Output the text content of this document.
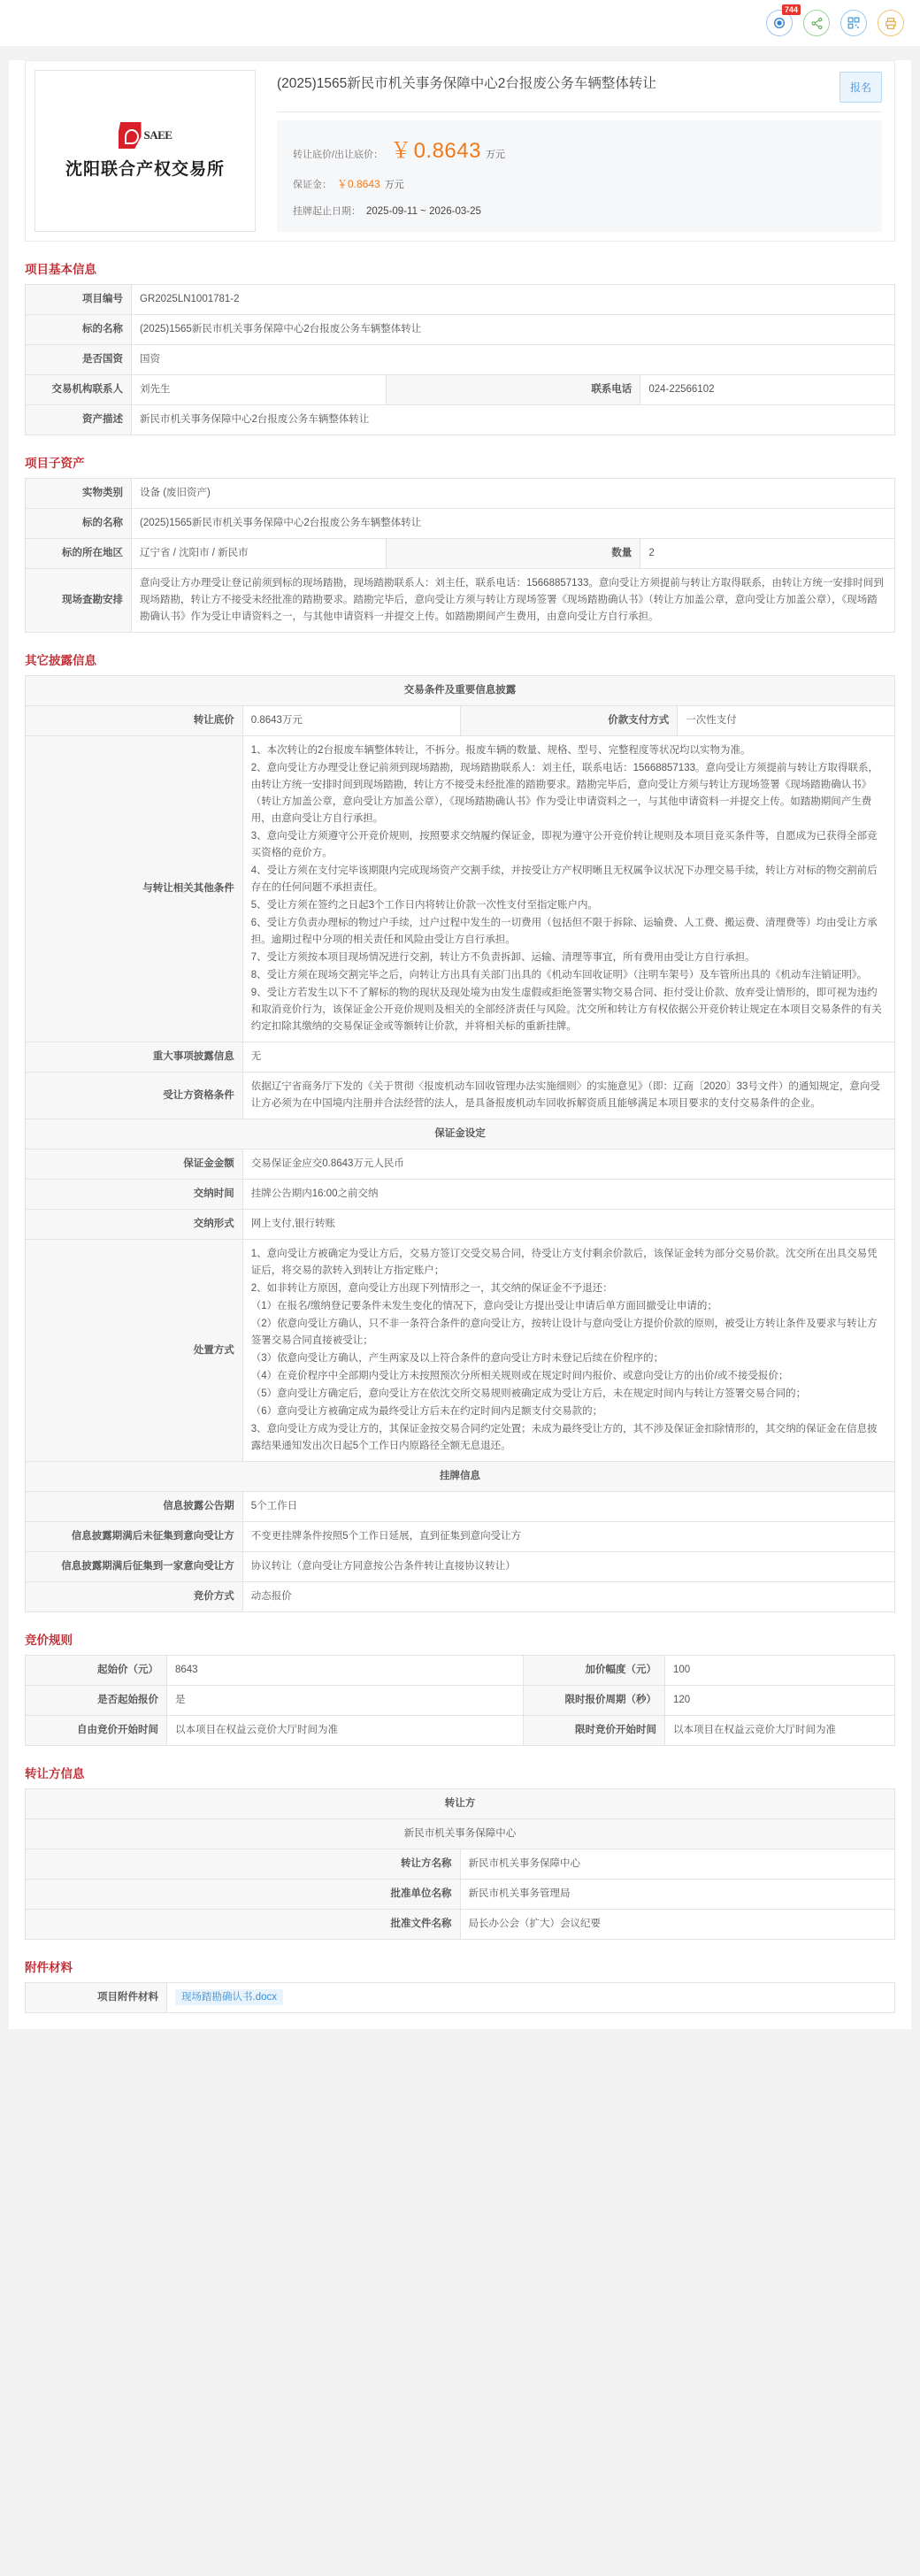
744
SAEE
沈阳联合产权交易所
(2025)1565新民市机关事务保障中心2台报废公务车辆整体转让	报名
转让底价/出让底价： ￥ 0.8643 万元
保证金： ￥0.8643 万元
挂牌起止日期： 2025-09-11 ~ 2026-03-25
项目基本信息
项目编号	GR2025LN1001781-2		
标的名称	(2025)1565新民市机关事务保障中心2台报废公务车辆整体转让		
是否国资	国资		
交易机构联系人	刘先生	联系电话	024-22566102
资产描述	新民市机关事务保障中心2台报废公务车辆整体转让		
项目子资产
实物类别	设备 (废旧资产)		
标的名称	(2025)1565新民市机关事务保障中心2台报废公务车辆整体转让		
标的所在地区	辽宁省 / 沈阳市 / 新民市	数量	2
现场查勘安排	意向受让方办理受让登记前须到标的现场踏勘，现场踏勘联系人：刘主任，联系电话：15668857133。意向受让方须提前与转让方取得联系，由转让方统一安排时间到现场踏勘，转让方不接受未经批准的踏勘要求。踏勘完毕后，意向受让方须与转让方现场签署《现场踏勘确认书》（转让方加盖公章，意向受让方加盖公章），《现场踏勘确认书》作为受让申请资料之一，与其他申请资料一并提交上传。如踏勘期间产生费用，由意向受让方自行承担。		
其它披露信息
交易条件及重要信息披露			
转让底价	0.8643万元	价款支付方式	一次性支付
与转让相关其他条件	

1、本次转让的2台报废车辆整体转让，不拆分。报废车辆的数量、规格、型号、完整程度等状况均以实物为准。

2、意向受让方办理受让登记前须到现场踏勘，现场踏勘联系人：刘主任，联系电话：15668857133。意向受让方须提前与转让方取得联系，由转让方统一安排时间到现场踏勘，转让方不接受未经批准的踏勘要求。踏勘完毕后，意向受让方须与转让方现场签署《现场踏勘确认书》（转让方加盖公章，意向受让方加盖公章），《现场踏勘确认书》作为受让申请资料之一，与其他申请资料一并提交上传。如踏勘期间产生费用，由意向受让方自行承担。

3、意向受让方须遵守公开竞价规则，按照要求交纳履约保证金，即视为遵守公开竞价转让规则及本项目竞买条件等，自愿成为已获得全部竞买资格的竞价方。

4、受让方须在支付完毕该期限内完成现场资产交割手续，并按受让方产权明晰且无权属争议状况下办理交易手续，转让方对标的物交割前后存在的任何问题不承担责任。

5、受让方须在签约之日起3个工作日内将转让价款一次性支付至指定账户内。

6、受让方负责办理标的物过户手续，过户过程中发生的一切费用（包括但不限于拆除、运输费、人工费、搬运费、清理费等）均由受让方承担。逾期过程中分项的相关责任和风险由受让方自行承担。

7、受让方须按本项目现场情况进行交割，转让方不负责拆卸、运输、清理等事宜，所有费用由受让方自行承担。

8、受让方须在现场交割完毕之后，向转让方出具有关部门出具的《机动车回收证明》（注明车架号）及车管所出具的《机动车注销证明》。

9、受让方若发生以下不了解标的物的现状及现处境为由发生虚假或拒绝签署实物交易合同、拒付受让价款、放弃受让情形的，即可视为违约和取消竞价行为，该保证金公开竞价规则及相关的全部经济责任与风险。沈交所和转让方有权依据公开竞价转让规定在本项目交易条件的有关约定扣除其缴纳的交易保证金或等额转让价款，并将相关标的重新挂牌。

重大事项披露信息	无		
受让方资格条件	依据辽宁省商务厅下发的《关于贯彻〈报废机动车回收管理办法实施细则〉的实施意见》（即：辽商〔2020〕33号文件）的通知规定，意向受让方必须为在中国境内注册并合法经营的法人，是具备报废机动车回收拆解资质且能够满足本项目要求的支付交易条件的企业。		
保证金设定			
保证金金额	交易保证金应交0.8643万元人民币		
交纳时间	挂牌公告期内16:00之前交纳		
交纳形式	网上支付,银行转账		
处置方式	

1、意向受让方被确定为受让方后，交易方签订交受交易合同，待受让方支付剩余价款后，该保证金转为部分交易价款。沈交所在出具交易凭证后，将交易的款转入到转让方指定账户；

2、如非转让方原因，意向受让方出现下列情形之一，其交纳的保证金不予退还：

（1）在报名/缴纳登记要条件未发生变化的情况下，意向受让方提出受让申请后单方面回撤受让申请的；

（2）依意向受让方确认，只不非一条符合条件的意向受让方，按转让设计与意向受让方提价价款的原则，被受让方转让条件及要求与转让方签署交易合同直接被受让；

（3）依意向受让方确认，产生两家及以上符合条件的意向受让方时未登记后续在价程序的；

（4）在竞价程序中全部期内受让方未按照预次分所相关规则或在规定时间内报价、或意向受让方的出价/或不接受报价；

（5）意向受让方确定后，意向受让方在依沈交所交易规则被确定成为受让方后，未在规定时间内与转让方签署交易合同的；

（6）意向受让方被确定成为最终受让方后未在约定时间内足额支付交易款的；

3、意向受让方成为受让方的，其保证金按交易合同约定处置；未成为最终受让方的，其不涉及保证金扣除情形的，其交纳的保证金在信息披露结果通知发出次日起5个工作日内原路径全额无息退还。

挂牌信息			
信息披露公告期	5个工作日		
信息披露期满后未征集到意向受让方	不变更挂牌条件按照5个工作日延展，直到征集到意向受让方		
信息披露期满后征集到一家意向受让方	协议转让（意向受让方同意按公告条件转让直接协议转让）		
竞价方式	动态报价		
竞价规则
起始价（元）	8643	加价幅度（元）	100
是否起始报价	是	限时报价周期（秒）	120
自由竞价开始时间	以本项目在权益云竞价大厅时间为准	限时竞价开始时间	以本项目在权益云竞价大厅时间为准
转让方信息
转让方	
新民市机关事务保障中心	
转让方名称	新民市机关事务保障中心
批准单位名称	新民市机关事务管理局
批准文件名称	局长办公会（扩大）会议纪要
附件材料
项目附件材料	现场踏勘确认书.docx
